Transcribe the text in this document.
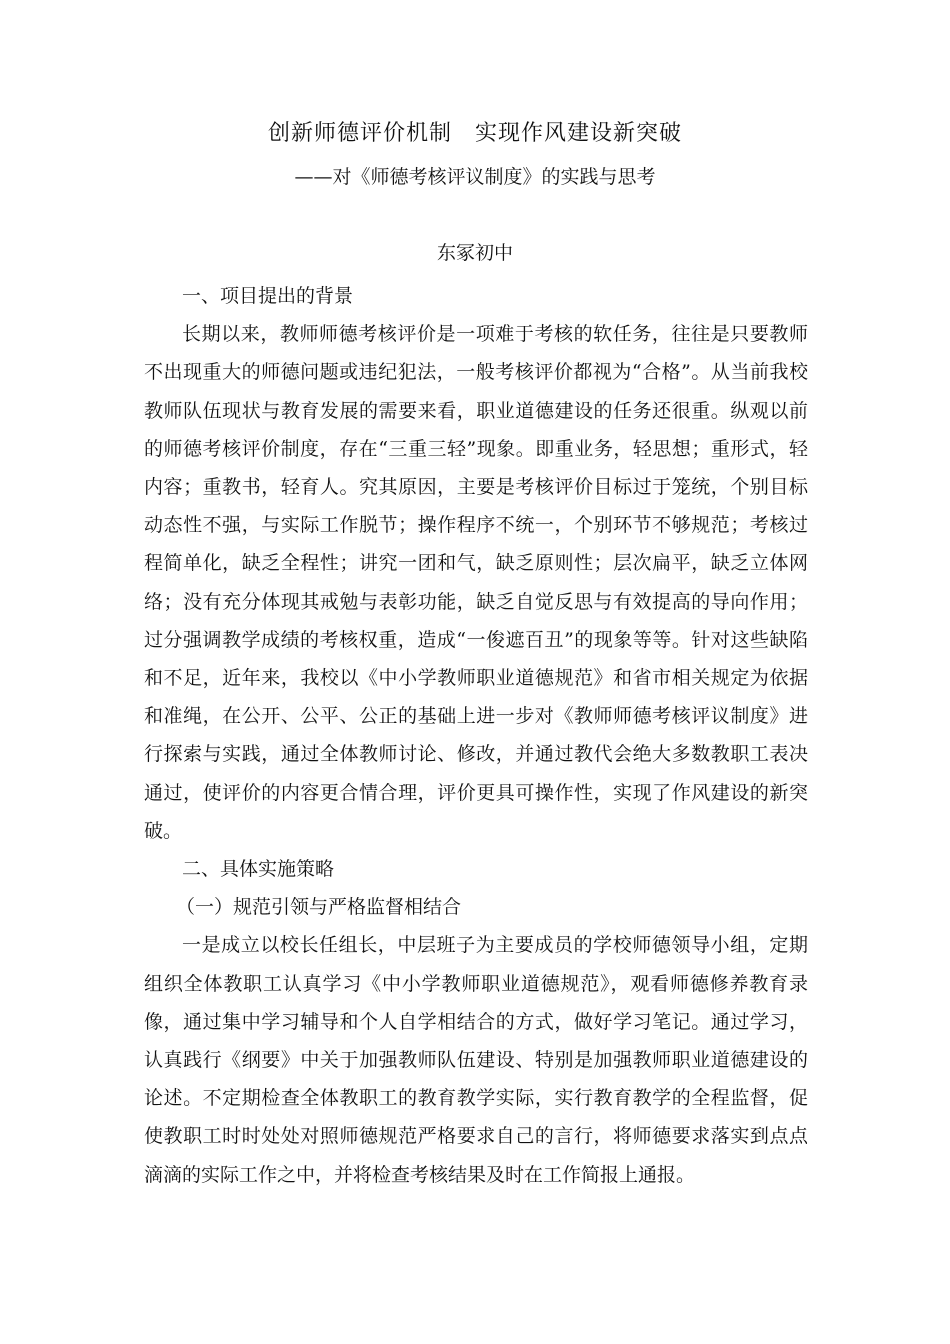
创新师德评价机制　实现作风建设新突破
——对《师德考核评议制度》的实践与思考
东冢初中

一、项目提出的背景

长期以来，教师师德考核评价是一项难于考核的软任务，往往是只要教师不出现重大的师德问题或违纪犯法，一般考核评价都视为“合格”。从当前我校教师队伍现状与教育发展的需要来看，职业道德建设的任务还很重。纵观以前的师德考核评价制度，存在“三重三轻”现象。即重业务，轻思想；重形式，轻内容；重教书，轻育人。究其原因，主要是考核评价目标过于笼统，个别目标动态性不强，与实际工作脱节；操作程序不统一，个别环节不够规范；考核过程简单化，缺乏全程性；讲究一团和气，缺乏原则性；层次扁平，缺乏立体网络；没有充分体现其戒勉与表彰功能，缺乏自觉反思与有效提高的导向作用；过分强调教学成绩的考核权重，造成“一俊遮百丑”的现象等等。针对这些缺陷和不足，近年来，我校以《中小学教师职业道德规范》和省市相关规定为依据和准绳，在公开、公平、公正的基础上进一步对《教师师德考核评议制度》进行探索与实践，通过全体教师讨论、修改，并通过教代会绝大多数教职工表决通过，使评价的内容更合情合理，评价更具可操作性，实现了作风建设的新突破。

二、具体实施策略

（一）规范引领与严格监督相结合

一是成立以校长任组长，中层班子为主要成员的学校师德领导小组，定期组织全体教职工认真学习《中小学教师职业道德规范》，观看师德修养教育录像，通过集中学习辅导和个人自学相结合的方式，做好学习笔记。通过学习，认真践行《纲要》中关于加强教师队伍建设、特别是加强教师职业道德建设的论述。不定期检查全体教职工的教育教学实际，实行教育教学的全程监督，促使教职工时时处处对照师德规范严格要求自己的言行，将师德要求落实到点点滴滴的实际工作之中，并将检查考核结果及时在工作简报上通报。
